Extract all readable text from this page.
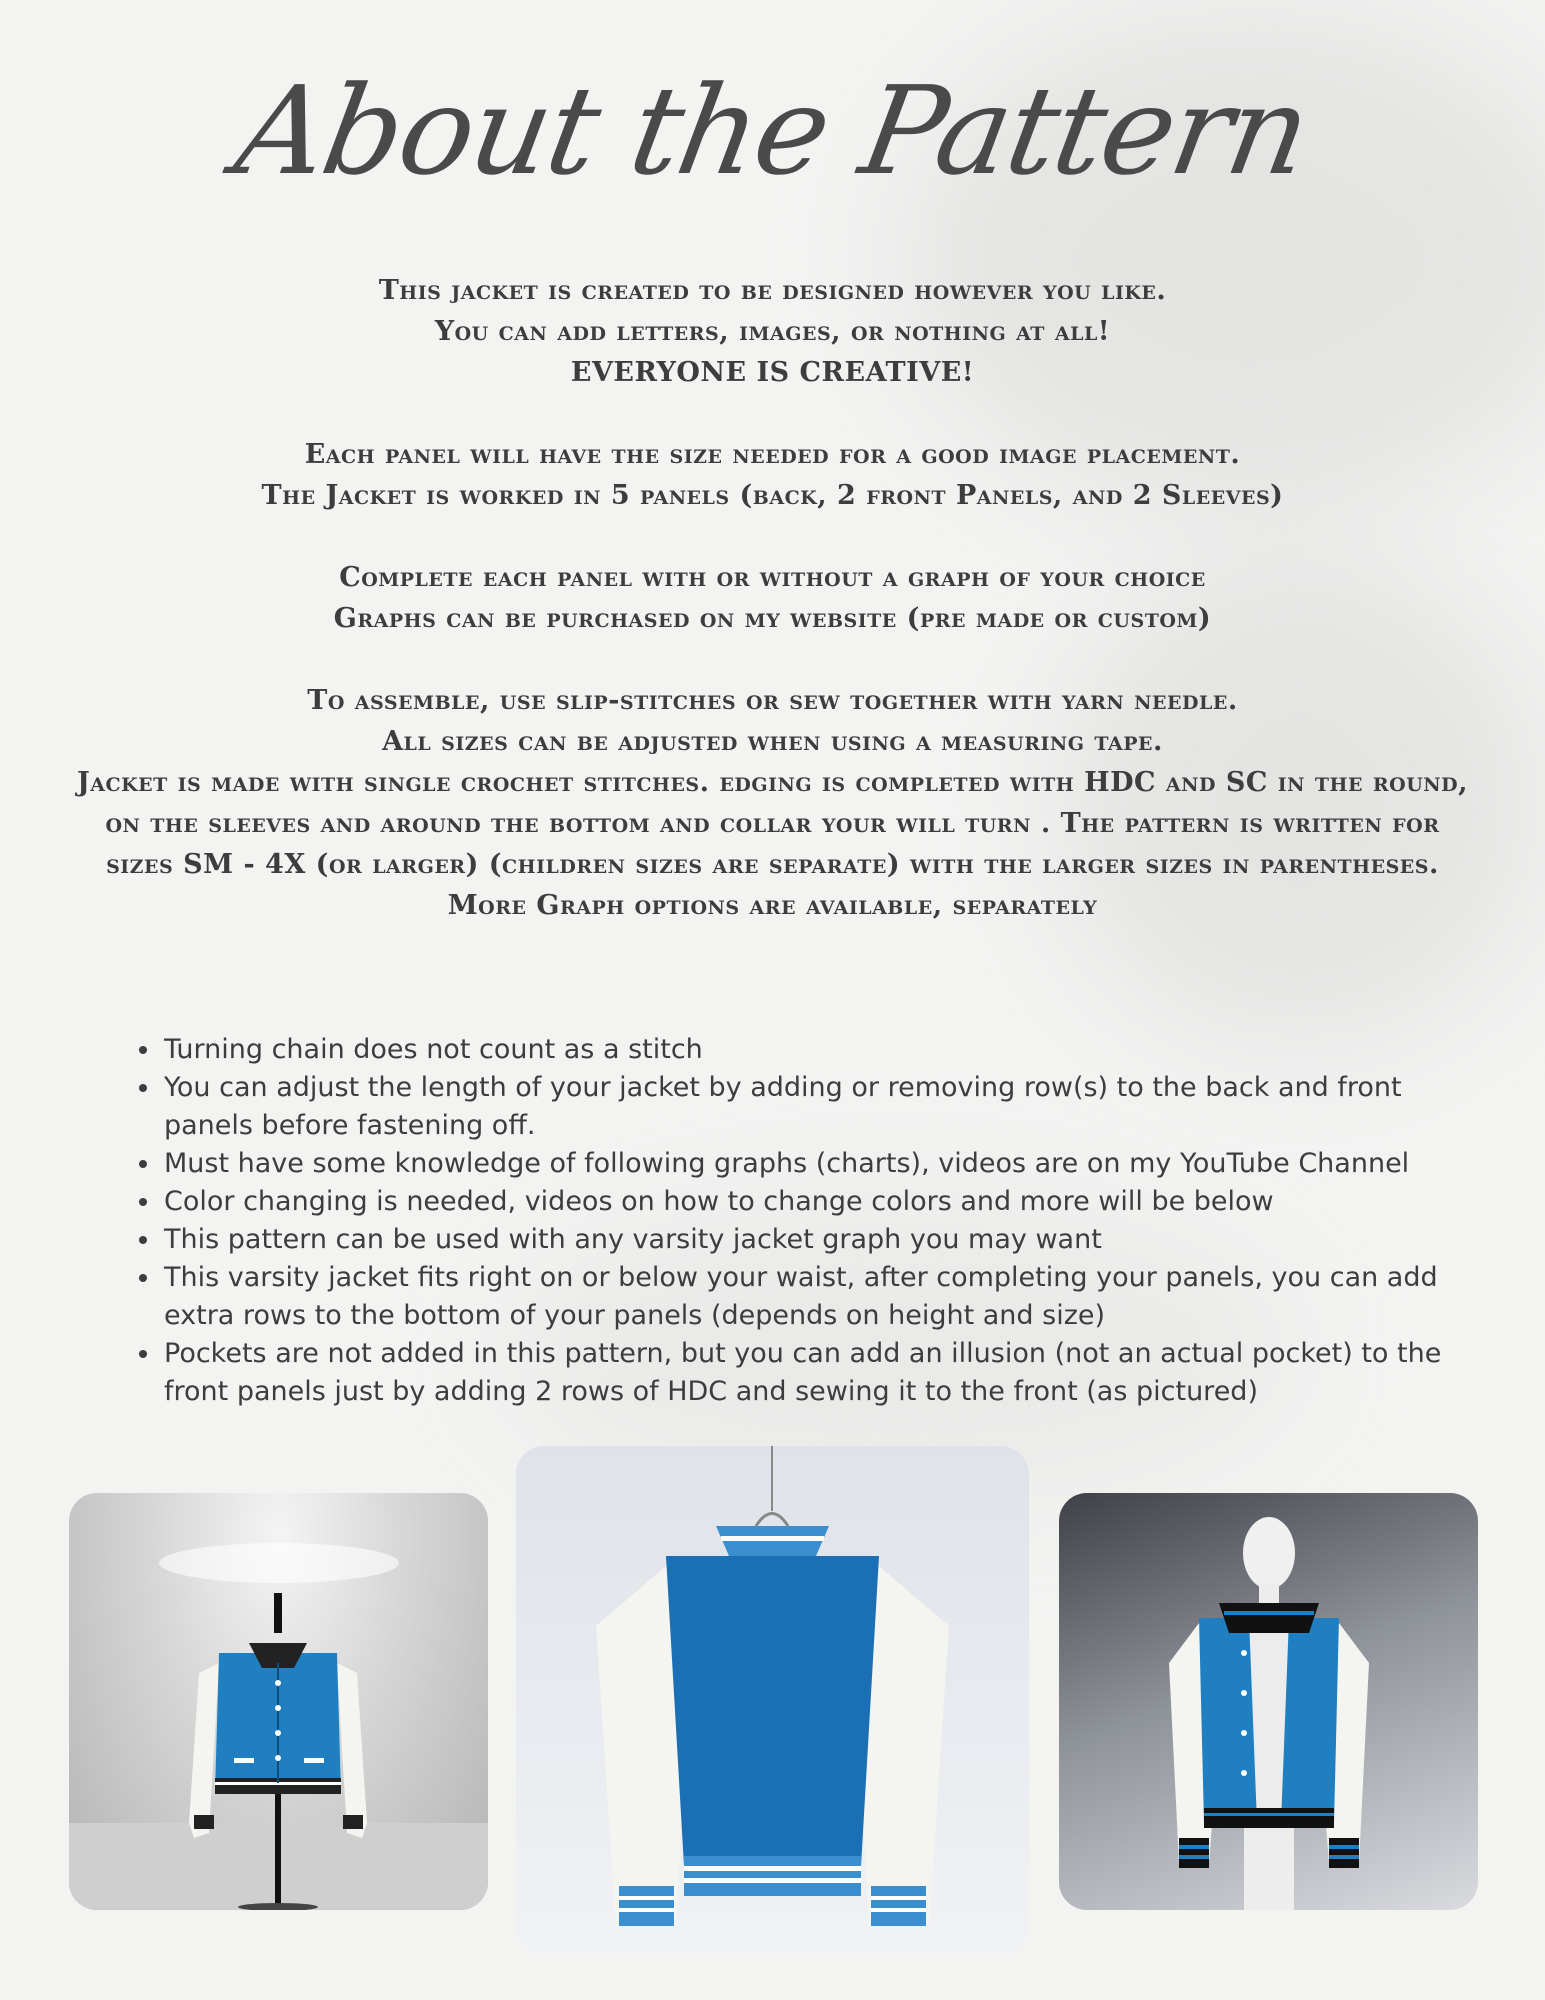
About the Pattern

This jacket is created to be designed however you like.
You can add letters, images, or nothing at all!
EVERYONE IS CREATIVE!

Each panel will have the size needed for a good image placement.
The Jacket is worked in 5 panels (back, 2 front Panels, and 2 Sleeves)

Complete each panel with or without a graph of your choice
Graphs can be purchased on my website (pre made or custom)

To assemble, use slip-stitches or sew together with yarn needle.
All sizes can be adjusted when using a measuring tape.
Jacket is made with single crochet stitches. edging is completed with HDC and SC in the round, on the sleeves and around the bottom and collar your will turn . The pattern is written for sizes SM - 4X (or larger) (children sizes are separate) with the larger sizes in parentheses.
More Graph options are available, separately

• Turning chain does not count as a stitch
• You can adjust the length of your jacket by adding or removing row(s) to the back and front panels before fastening off.
• Must have some knowledge of following graphs (charts), videos are on my YouTube Channel
• Color changing is needed, videos on how to change colors and more will be below
• This pattern can be used with any varsity jacket graph you may want
• This varsity jacket fits right on or below your waist, after completing your panels, you can add extra rows to the bottom of your panels (depends on height and size)
• Pockets are not added in this pattern, but you can add an illusion (not an actual pocket) to the front panels just by adding 2 rows of HDC and sewing it to the front (as pictured)
